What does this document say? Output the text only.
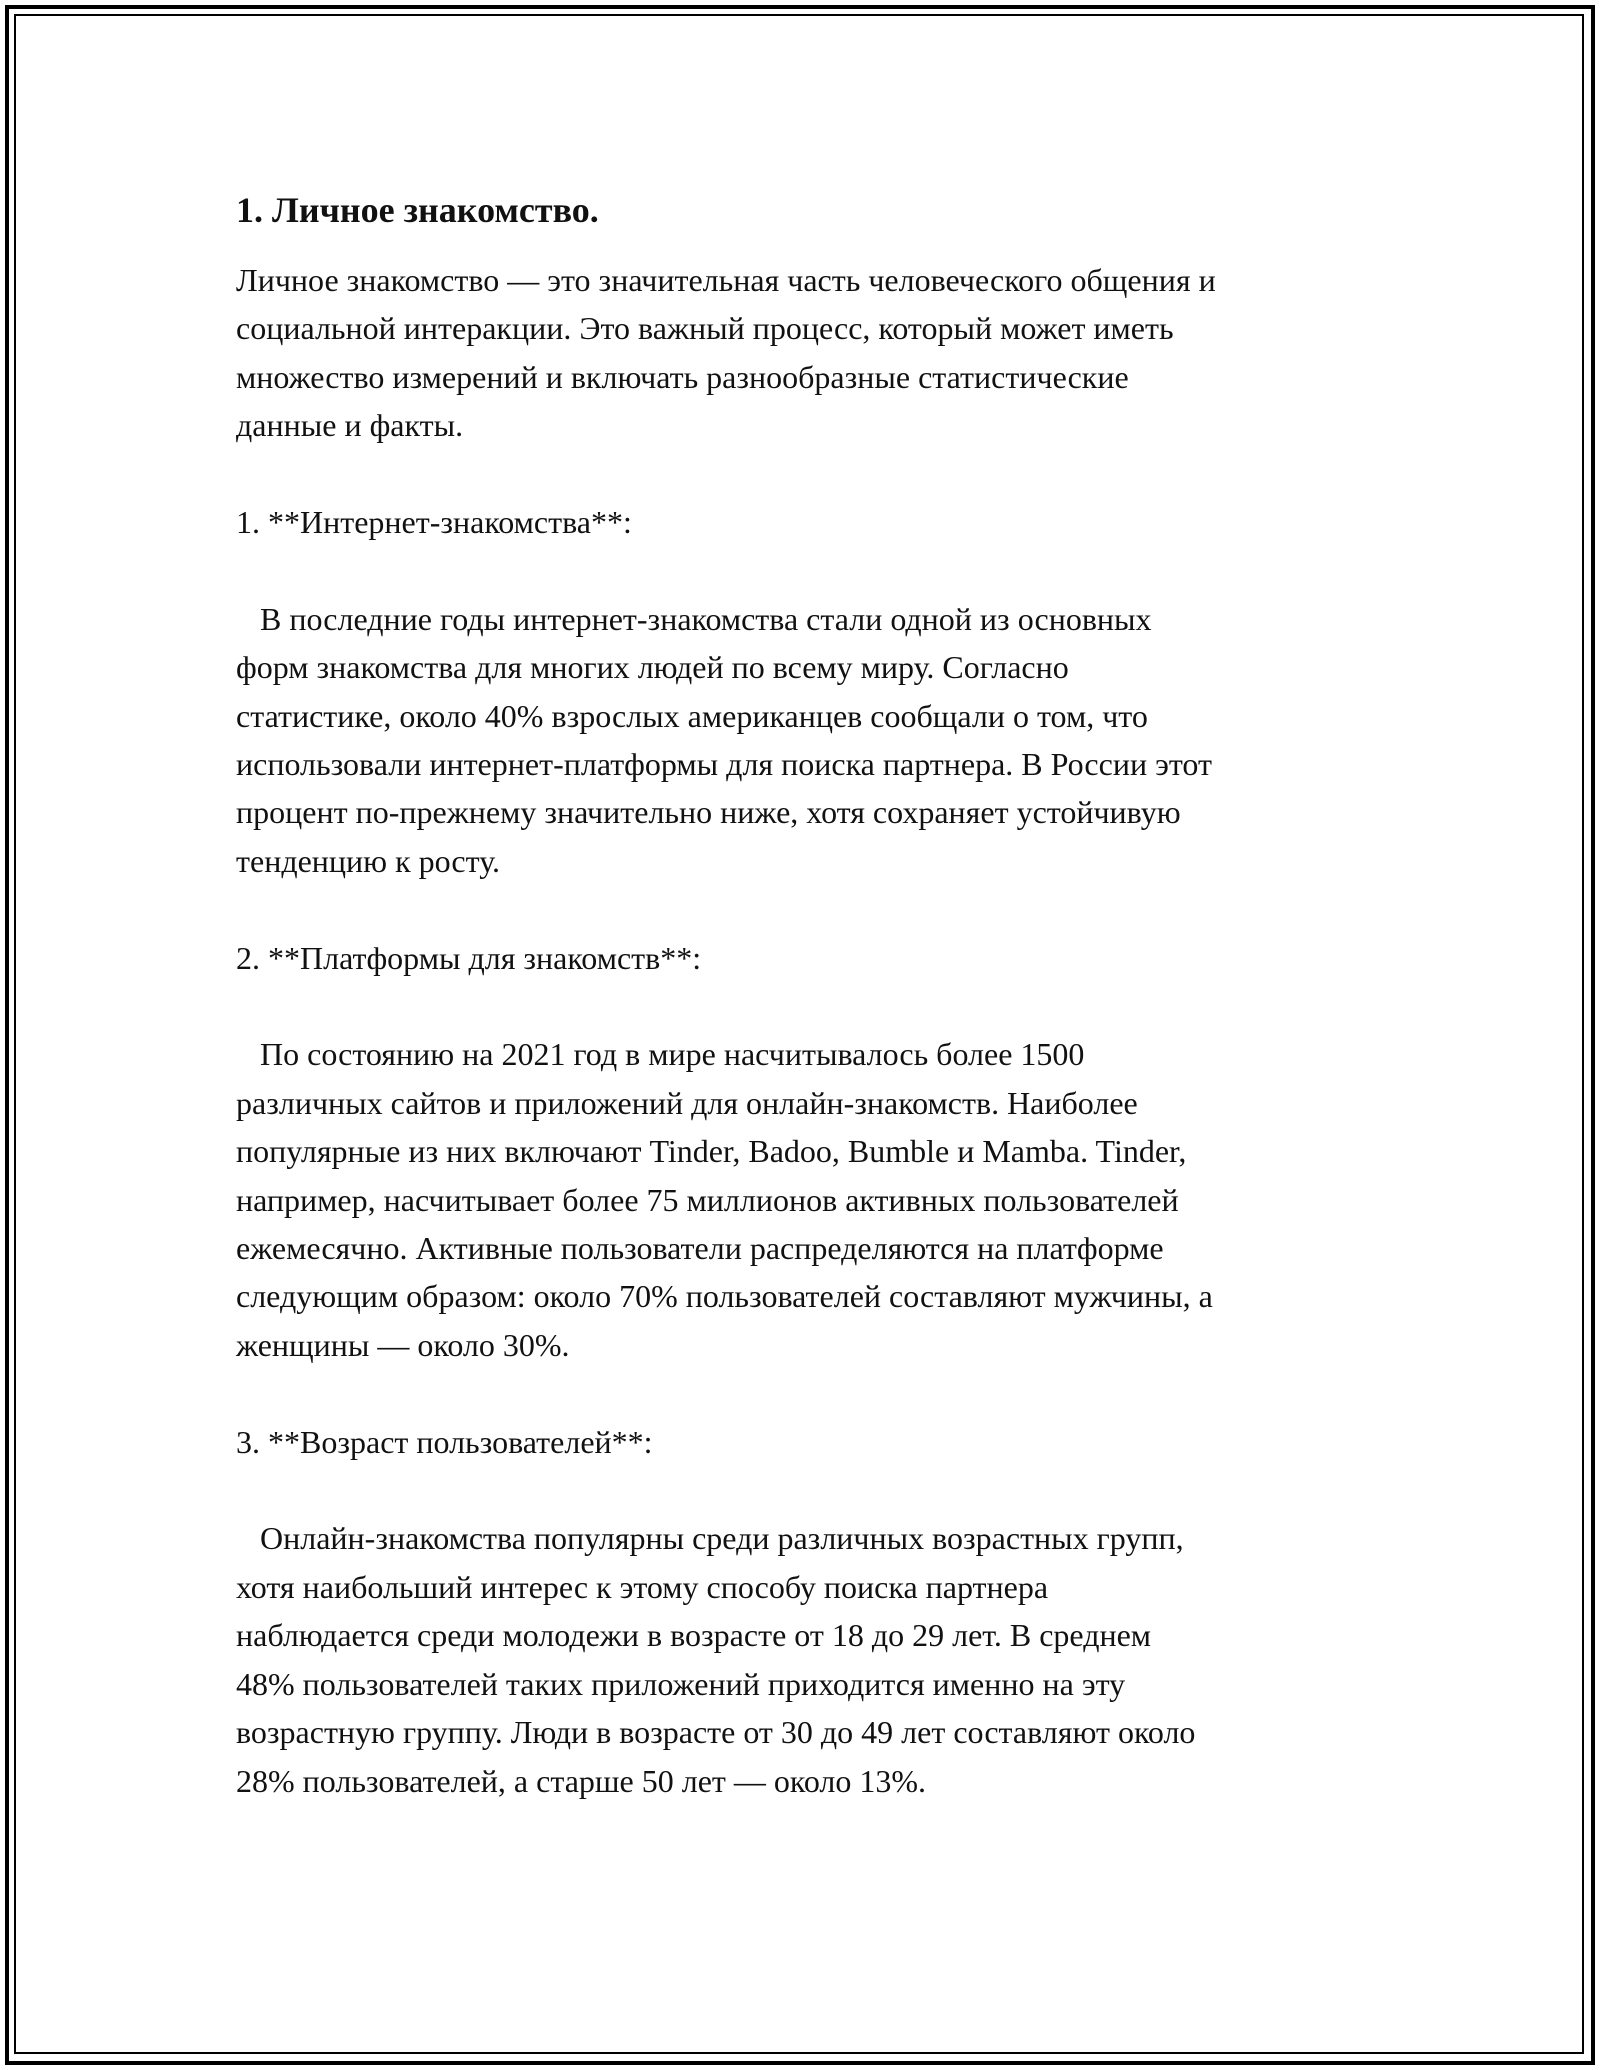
1. Личное знакомство.

Личное знакомство — это значительная часть человеческого общения и
социальной интеракции. Это важный процесс, который может иметь
множество измерений и включать разнообразные статистические
данные и факты.

1. **Интернет-знакомства**:

В последние годы интернет-знакомства стали одной из основных
форм знакомства для многих людей по всему миру. Согласно
статистике, около 40% взрослых американцев сообщали о том, что
использовали интернет-платформы для поиска партнера. В России этот
процент по-прежнему значительно ниже, хотя сохраняет устойчивую
тенденцию к росту.

2. **Платформы для знакомств**:

По состоянию на 2021 год в мире насчитывалось более 1500
различных сайтов и приложений для онлайн-знакомств. Наиболее
популярные из них включают Tinder, Badoo, Bumble и Mamba. Tinder,
например, насчитывает более 75 миллионов активных пользователей
ежемесячно. Активные пользователи распределяются на платформе
следующим образом: около 70% пользователей составляют мужчины, а
женщины — около 30%.

3. **Возраст пользователей**:

Онлайн-знакомства популярны среди различных возрастных групп,
хотя наибольший интерес к этому способу поиска партнера
наблюдается среди молодежи в возрасте от 18 до 29 лет. В среднем
48% пользователей таких приложений приходится именно на эту
возрастную группу. Люди в возрасте от 30 до 49 лет составляют около
28% пользователей, а старше 50 лет — около 13%.
